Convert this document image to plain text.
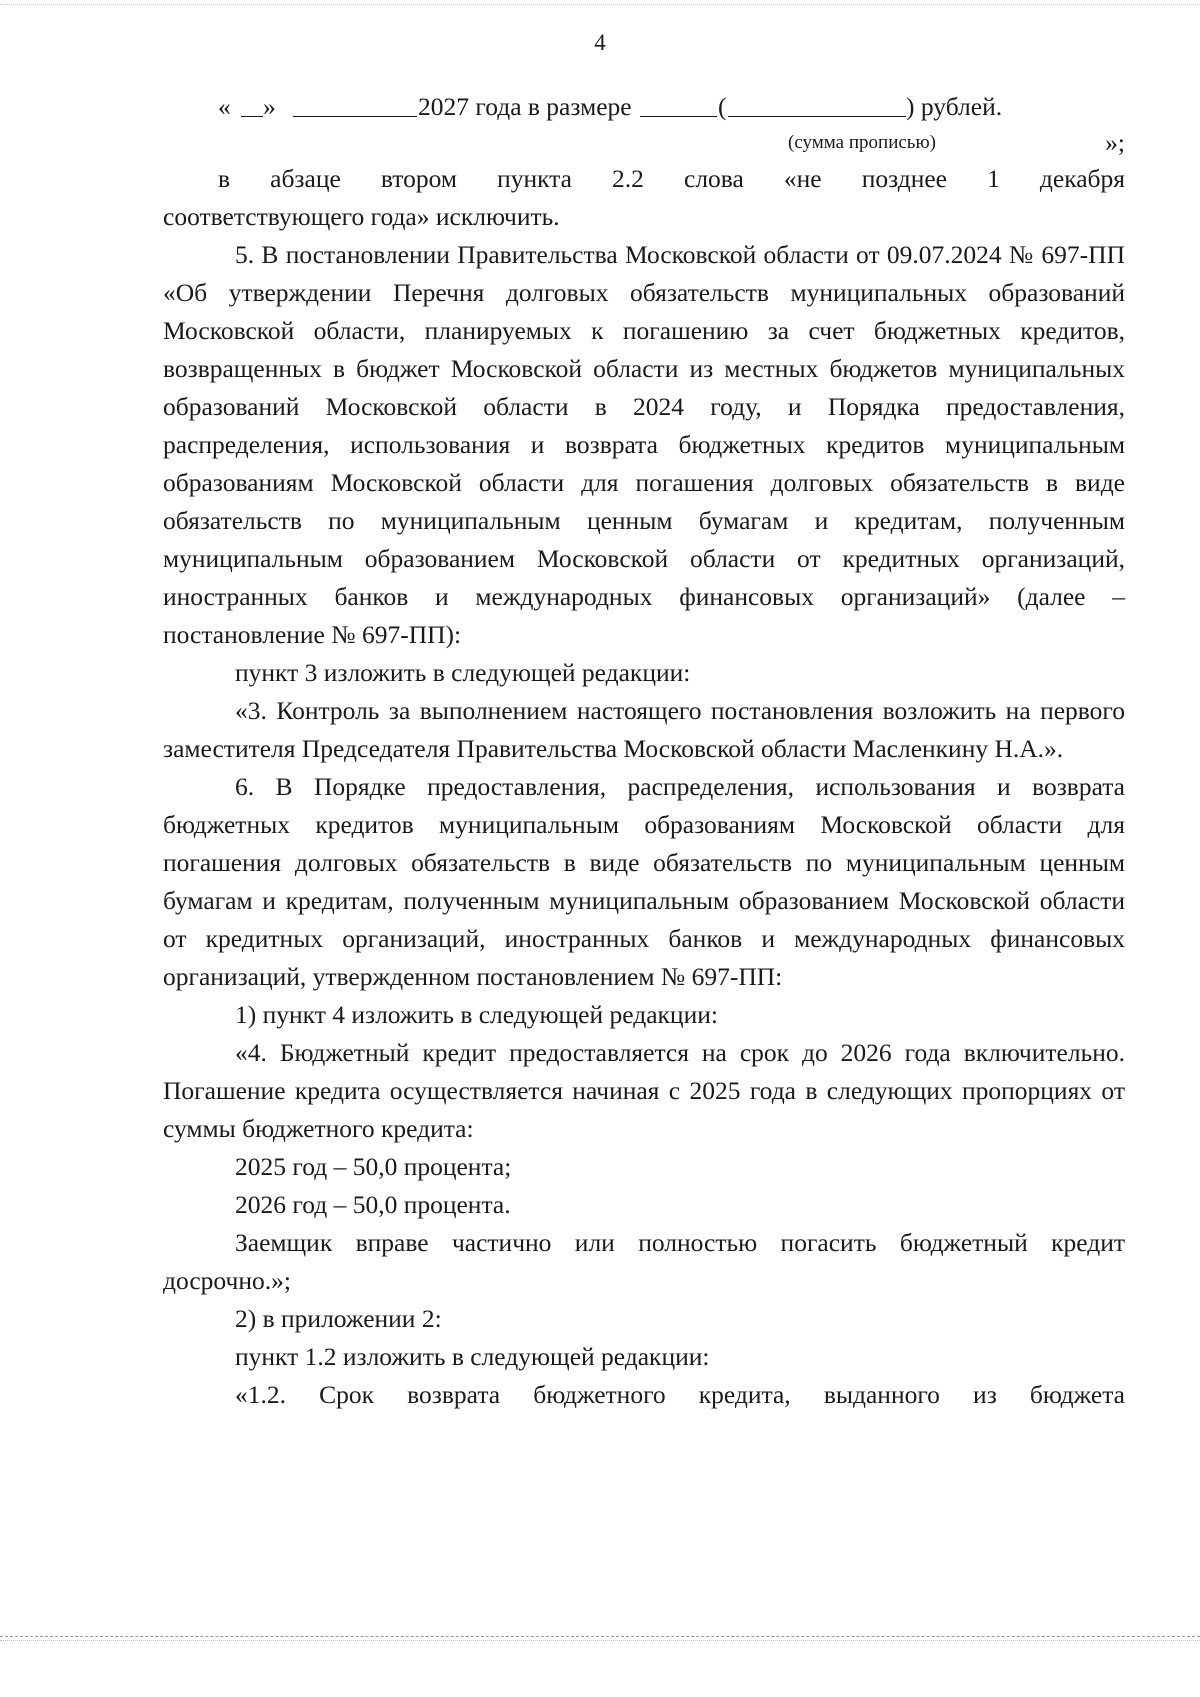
4
« »	2027 года в размере	(	) рублей.
(сумма прописью)	»;

в абзаце втором пункта 2.2 слова «не позднее 1 декабря

соответствующего года» исключить.

5. В постановлении Правительства Московской области от 09.07.2024 № 697-ПП «Об утверждении Перечня долговых обязательств муниципальных образований Московской области, планируемых к погашению за счет бюджетных кредитов, возвращенных в бюджет Московской области из местных бюджетов муниципальных образований Московской области в 2024 году, и Порядка предоставления, распределения, использования и возврата бюджетных кредитов муниципальным образованиям Московской области для погашения долговых обязательств в виде обязательств по муниципальным ценным бумагам и кредитам, полученным муниципальным образованием Московской области от кредитных организаций, иностранных банков и международных финансовых организаций» (далее – постановление № 697-ПП):

пункт 3 изложить в следующей редакции:

«3. Контроль за выполнением настоящего постановления возложить на первого заместителя Председателя Правительства Московской области Масленкину Н.А.».

6. В Порядке предоставления, распределения, использования и возврата бюджетных кредитов муниципальным образованиям Московской области для погашения долговых обязательств в виде обязательств по муниципальным ценным бумагам и кредитам, полученным муниципальным образованием Московской области от кредитных организаций, иностранных банков и международных финансовых организаций, утвержденном постановлением № 697-ПП:

1) пункт 4 изложить в следующей редакции:

«4. Бюджетный кредит предоставляется на срок до 2026 года включительно. Погашение кредита осуществляется начиная с 2025 года в следующих пропорциях от суммы бюджетного кредита:

2025 год – 50,0 процента;

2026 год – 50,0 процента.

Заемщик вправе частично или полностью погасить бюджетный кредит досрочно.»;

2) в приложении 2:

пункт 1.2 изложить в следующей редакции:

«1.2. Срок возврата бюджетного кредита, выданного из бюджета
